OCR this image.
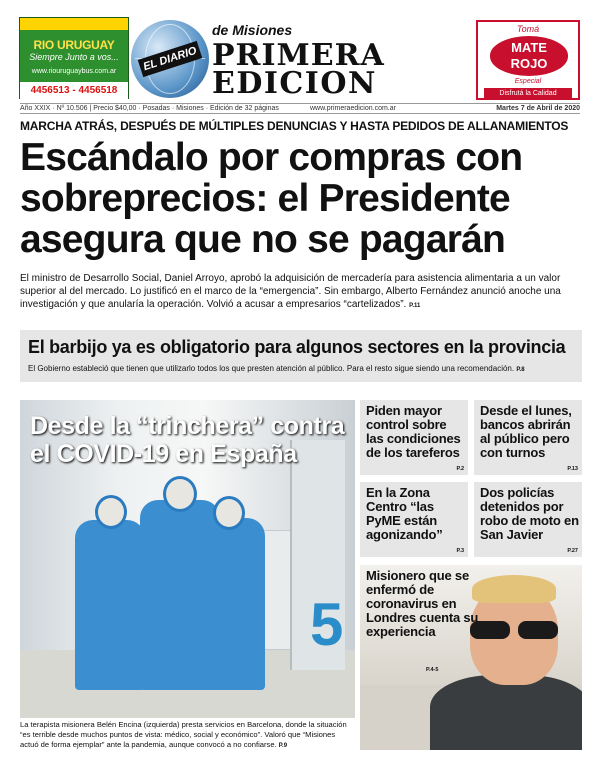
RIO URUGUAY
Siempre Junto a vos...
www.riouruguaybus.com.ar
4456513 - 4456518
EL DIARIO
de Misiones
PRIMERA
EDICION
Tomá
MATE
ROJO
Especial
Disfrutá la Calidad
Año XXIX · Nº 10.506 | Precio $40,00 · Posadas · Misiones · Edición de 32 páginas	www.primeraedicion.com.ar	Martes 7 de Abril de 2020
MARCHA ATRÁS, DESPUÉS DE MÚLTIPLES DENUNCIAS Y HASTA PEDIDOS DE ALLANAMIENTOS
Escándalo por compras con sobreprecios: el Presidente asegura que no se pagarán
El ministro de Desarrollo Social, Daniel Arroyo, aprobó la adquisición de mercadería para asistencia alimentaria a un valor superior al del mercado. Lo justificó en el marco de la “emergencia”. Sin embargo, Alberto Fernández anunció anoche una investigación y que anularía la operación. Volvió a acusar a empresarios “cartelizados”. P.11
El barbijo ya es obligatorio para algunos sectores en la provincia
El Gobierno estableció que tienen que utilizarlo todos los que presten atención al público. Para el resto sigue siendo una recomendación. P.8
5
Desde la “trinchera” contra el COVID-19 en España
La terapista misionera Belén Encina (izquierda) presta servicios en Barcelona, donde la situación “es terrible desde muchos puntos de vista: médico, social y económico”. Valoró que “Misiones actuó de forma ejemplar” ante la pandemia, aunque convocó a no confiarse. P.9
Piden mayor control sobre las condiciones de los tareferos
P.2
Desde el lunes, bancos abrirán al público pero con turnos
P.13
En la Zona Centro “las PyME están agonizando”
P.3
Dos policías detenidos por robo de moto en San Javier
P.27
Misionero que se enfermó de coronavirus en Londres cuenta su experiencia
P.4-5
